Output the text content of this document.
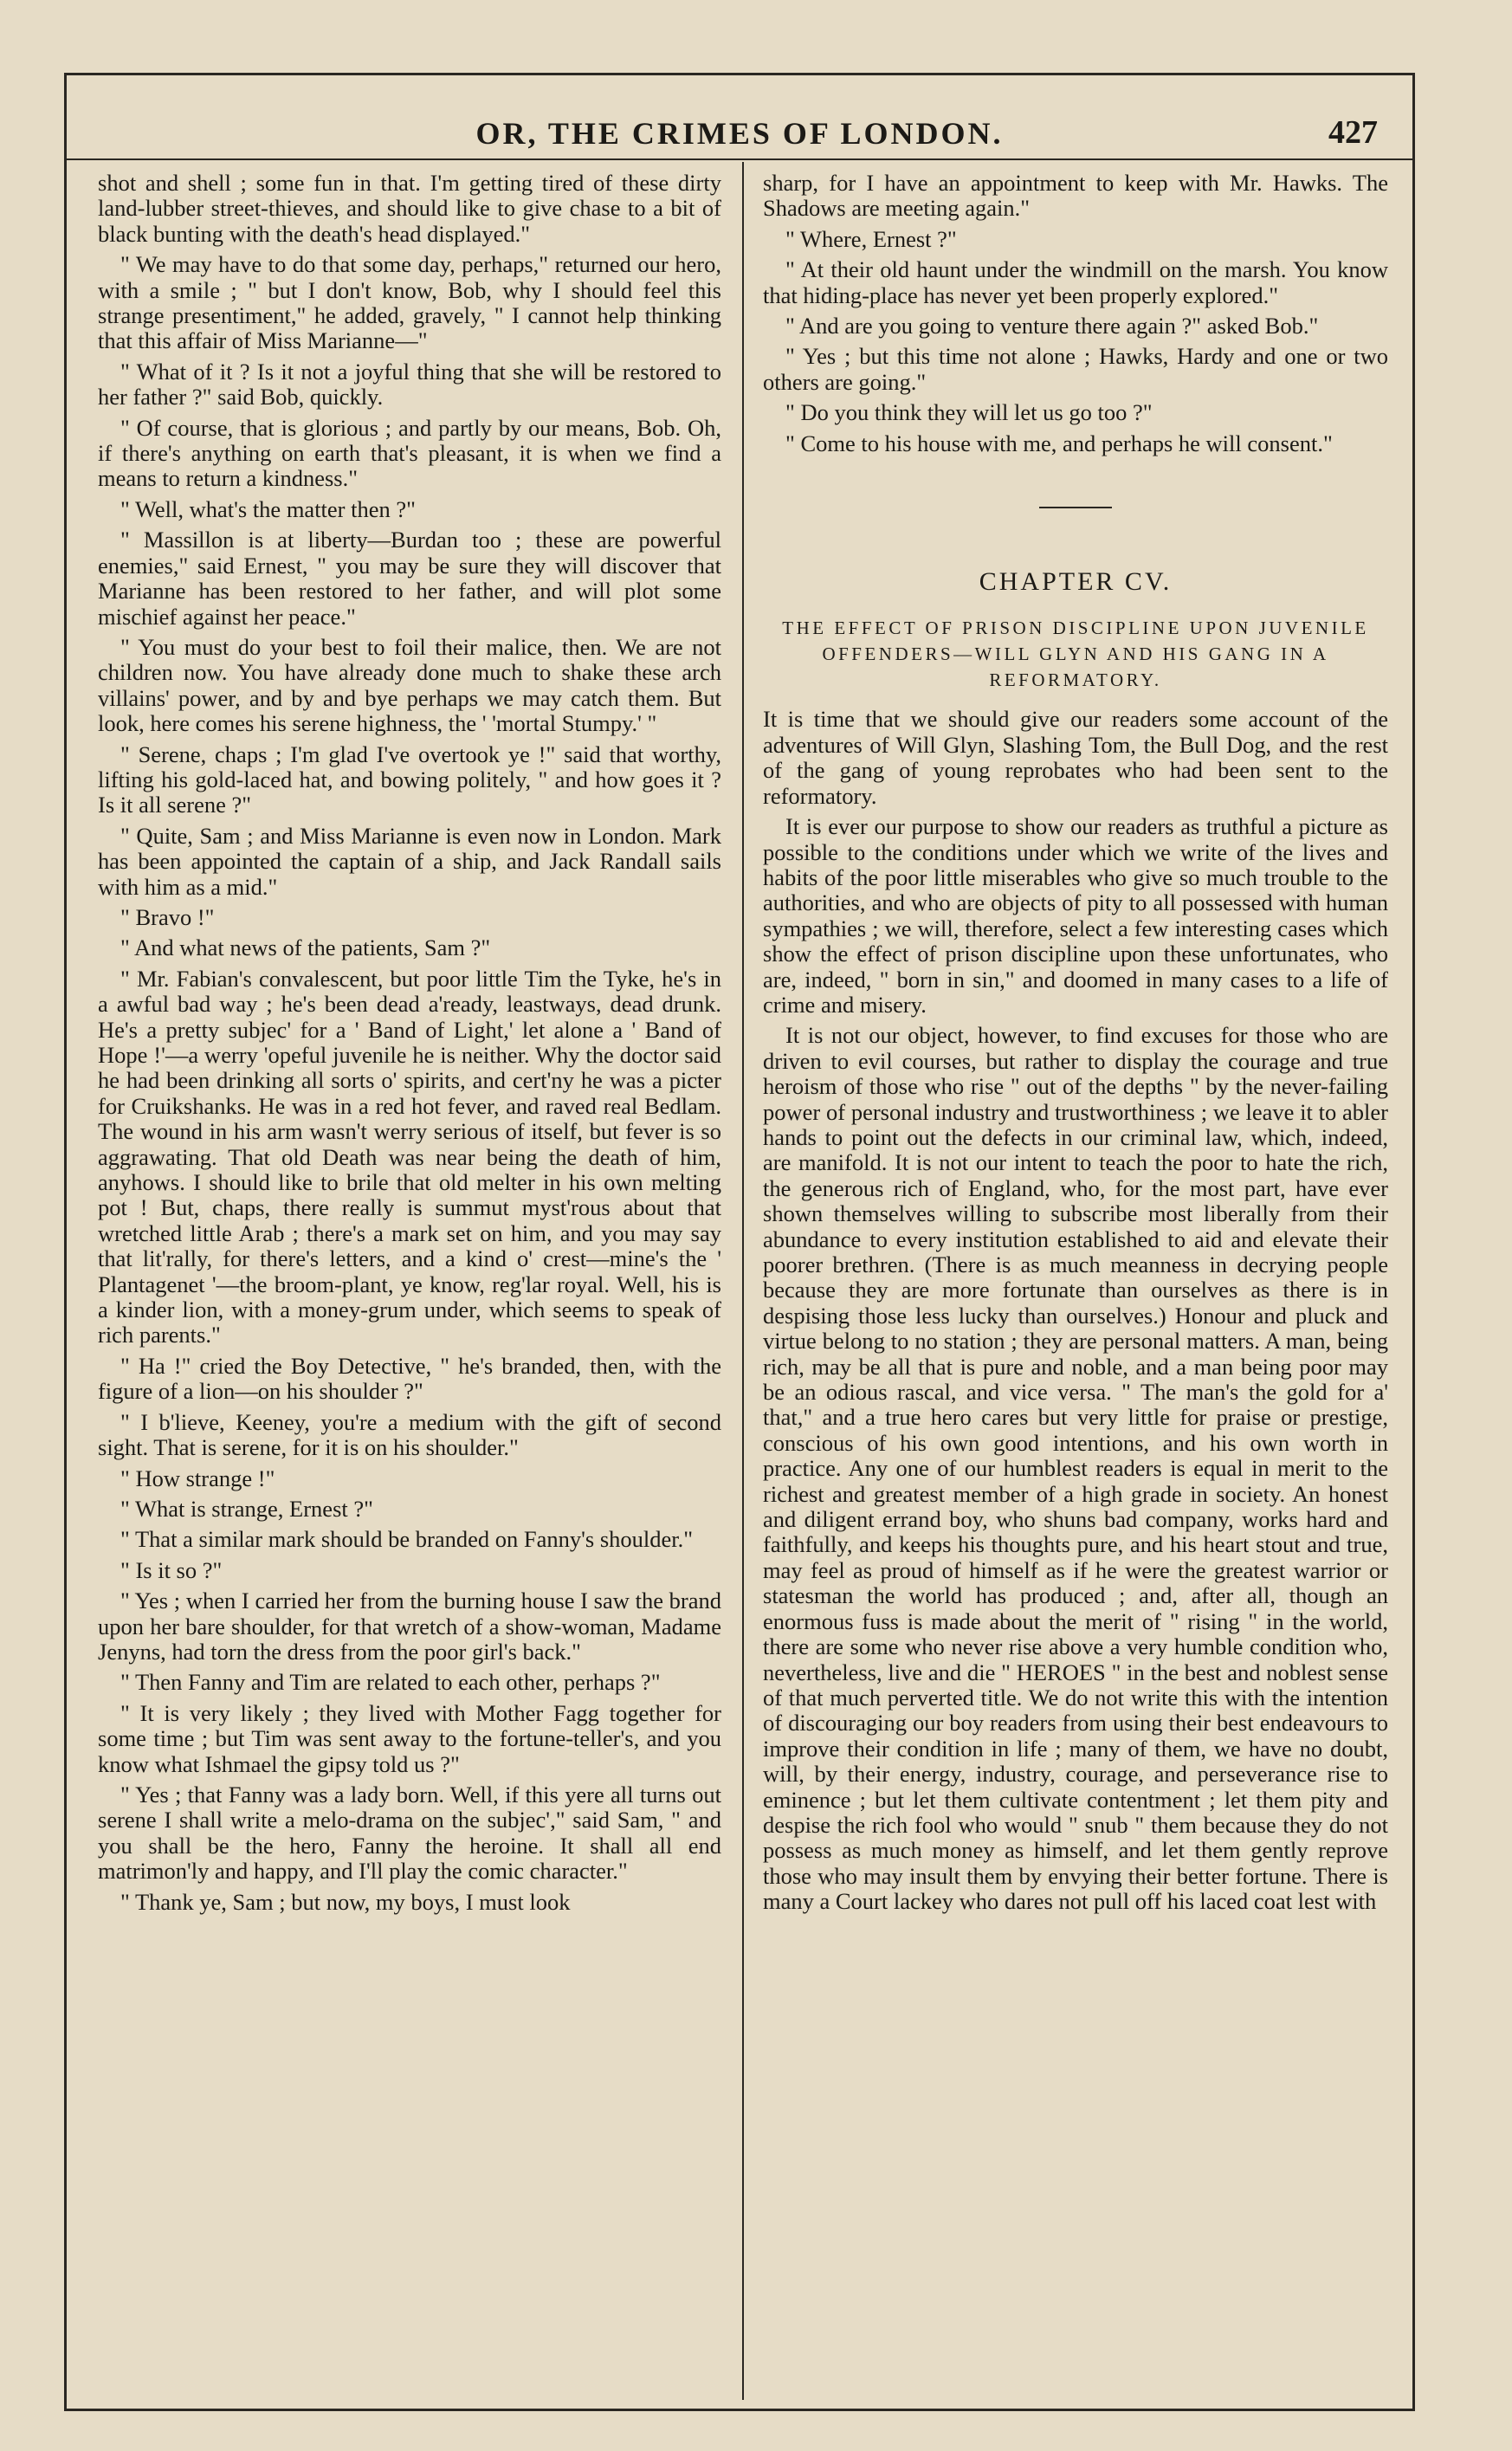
OR, THE CRIMES OF LONDON.	427

shot and shell ; some fun in that. I'm getting tired of these dirty land-lubber street-thieves, and should like to give chase to a bit of black bunting with the death's head displayed."

" We may have to do that some day, perhaps," returned our hero, with a smile ; " but I don't know, Bob, why I should feel this strange presentiment," he added, gravely, " I cannot help thinking that this affair of Miss Marianne—"

" What of it ? Is it not a joyful thing that she will be restored to her father ?" said Bob, quickly.

" Of course, that is glorious ; and partly by our means, Bob. Oh, if there's anything on earth that's pleasant, it is when we find a means to return a kindness."

" Well, what's the matter then ?"

" Massillon is at liberty—Burdan too ; these are powerful enemies," said Ernest, " you may be sure they will discover that Marianne has been restored to her father, and will plot some mischief against her peace."

" You must do your best to foil their malice, then. We are not children now. You have already done much to shake these arch villains' power, and by and bye perhaps we may catch them. But look, here comes his serene highness, the ' 'mortal Stumpy.' "

" Serene, chaps ; I'm glad I've overtook ye !" said that worthy, lifting his gold-laced hat, and bowing politely, " and how goes it ? Is it all serene ?"

" Quite, Sam ; and Miss Marianne is even now in London. Mark has been appointed the captain of a ship, and Jack Randall sails with him as a mid."

" Bravo !"

" And what news of the patients, Sam ?"

" Mr. Fabian's convalescent, but poor little Tim the Tyke, he's in a awful bad way ; he's been dead a'ready, leastways, dead drunk. He's a pretty subjec' for a ' Band of Light,' let alone a ' Band of Hope !'—a werry 'opeful juvenile he is neither. Why the doctor said he had been drinking all sorts o' spirits, and cert'ny he was a picter for Cruikshanks. He was in a red hot fever, and raved real Bedlam. The wound in his arm wasn't werry serious of itself, but fever is so aggrawating. That old Death was near being the death of him, anyhows. I should like to brile that old melter in his own melting pot ! But, chaps, there really is summut myst'rous about that wretched little Arab ; there's a mark set on him, and you may say that lit'rally, for there's letters, and a kind o' crest—mine's the ' Plantagenet '—the broom-plant, ye know, reg'lar royal. Well, his is a kinder lion, with a money-grum under, which seems to speak of rich parents."

" Ha !" cried the Boy Detective, " he's branded, then, with the figure of a lion—on his shoulder ?"

" I b'lieve, Keeney, you're a medium with the gift of second sight. That is serene, for it is on his shoulder."

" How strange !"

" What is strange, Ernest ?"

" That a similar mark should be branded on Fanny's shoulder."

" Is it so ?"

" Yes ; when I carried her from the burning house I saw the brand upon her bare shoulder, for that wretch of a show-woman, Madame Jenyns, had torn the dress from the poor girl's back."

" Then Fanny and Tim are related to each other, perhaps ?"

" It is very likely ; they lived with Mother Fagg together for some time ; but Tim was sent away to the fortune-teller's, and you know what Ishmael the gipsy told us ?"

" Yes ; that Fanny was a lady born. Well, if this yere all turns out serene I shall write a melo-drama on the subjec'," said Sam, " and you shall be the hero, Fanny the heroine. It shall all end matrimon'ly and happy, and I'll play the comic character."

" Thank ye, Sam ; but now, my boys, I must look

sharp, for I have an appointment to keep with Mr. Hawks. The Shadows are meeting again."

" Where, Ernest ?"

" At their old haunt under the windmill on the marsh. You know that hiding-place has never yet been properly explored."

" And are you going to venture there again ?" asked Bob."

" Yes ; but this time not alone ; Hawks, Hardy and one or two others are going."

" Do you think they will let us go too ?"

" Come to his house with me, and perhaps he will consent."

CHAPTER CV.
THE EFFECT OF PRISON DISCIPLINE UPON JUVENILE OFFENDERS—WILL GLYN AND HIS GANG IN A REFORMATORY.

It is time that we should give our readers some account of the adventures of Will Glyn, Slashing Tom, the Bull Dog, and the rest of the gang of young reprobates who had been sent to the reformatory.

It is ever our purpose to show our readers as truthful a picture as possible to the conditions under which we write of the lives and habits of the poor little miserables who give so much trouble to the authorities, and who are objects of pity to all possessed with human sympathies ; we will, therefore, select a few interesting cases which show the effect of prison discipline upon these unfortunates, who are, indeed, " born in sin," and doomed in many cases to a life of crime and misery.

It is not our object, however, to find excuses for those who are driven to evil courses, but rather to display the courage and true heroism of those who rise " out of the depths " by the never-failing power of personal industry and trustworthiness ; we leave it to abler hands to point out the defects in our criminal law, which, indeed, are manifold. It is not our intent to teach the poor to hate the rich, the generous rich of England, who, for the most part, have ever shown themselves willing to subscribe most liberally from their abundance to every institution established to aid and elevate their poorer brethren. (There is as much meanness in decrying people because they are more fortunate than ourselves as there is in despising those less lucky than ourselves.) Honour and pluck and virtue belong to no station ; they are personal matters. A man, being rich, may be all that is pure and noble, and a man being poor may be an odious rascal, and vice versa. " The man's the gold for a' that," and a true hero cares but very little for praise or prestige, conscious of his own good intentions, and his own worth in practice. Any one of our humblest readers is equal in merit to the richest and greatest member of a high grade in society. An honest and diligent errand boy, who shuns bad company, works hard and faithfully, and keeps his thoughts pure, and his heart stout and true, may feel as proud of himself as if he were the greatest warrior or statesman the world has produced ; and, after all, though an enormous fuss is made about the merit of " rising " in the world, there are some who never rise above a very humble condition who, nevertheless, live and die " HEROES " in the best and noblest sense of that much perverted title. We do not write this with the intention of discouraging our boy readers from using their best endeavours to improve their condition in life ; many of them, we have no doubt, will, by their energy, industry, courage, and perseverance rise to eminence ; but let them cultivate contentment ; let them pity and despise the rich fool who would " snub " them because they do not possess as much money as himself, and let them gently reprove those who may insult them by envying their better fortune. There is many a Court lackey who dares not pull off his laced coat lest with
